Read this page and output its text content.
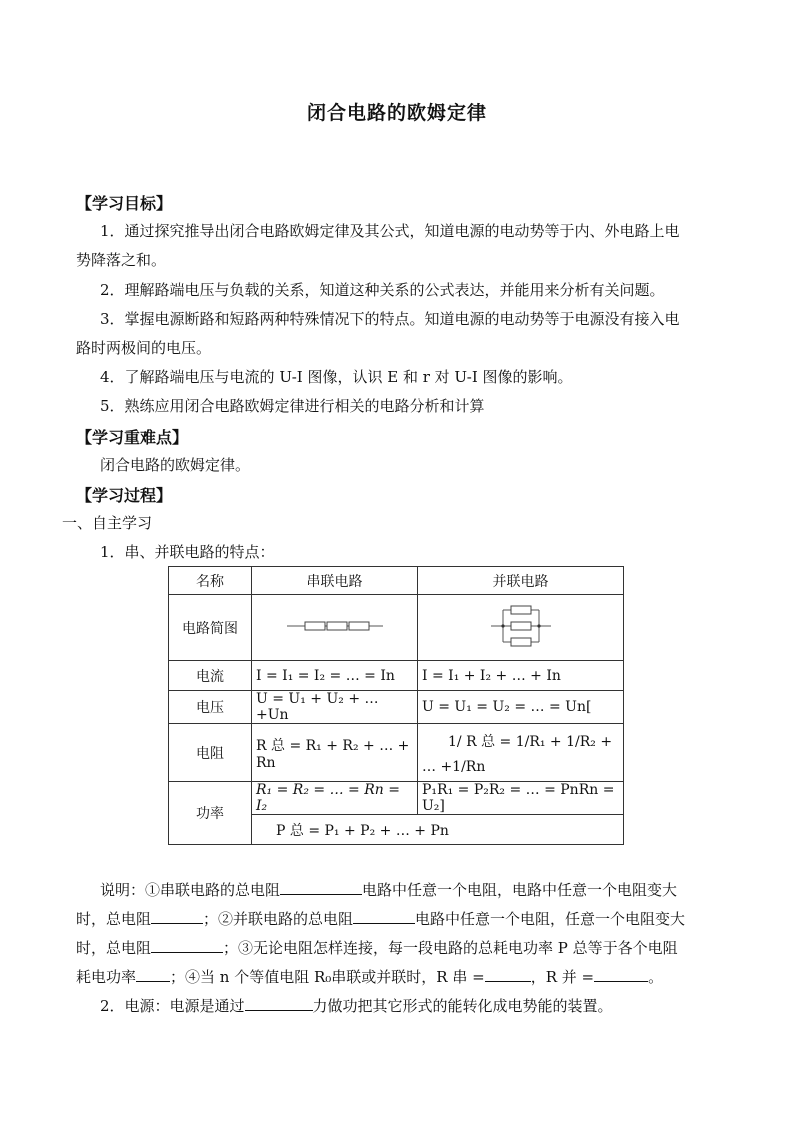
闭合电路的欧姆定律
【学习目标】
1．通过探究推导出闭合电路欧姆定律及其公式，知道电源的电动势等于内、外电路上电
势降落之和。
2．理解路端电压与负载的关系，知道这种关系的公式表达，并能用来分析有关问题。
3．掌握电源断路和短路两种特殊情况下的特点。知道电源的电动势等于电源没有接入电
路时两极间的电压。
4．了解路端电压与电流的 U-I 图像，认识 E 和 r 对 U-I 图像的影响。
5．熟练应用闭合电路欧姆定律进行相关的电路分析和计算
【学习重难点】
闭合电路的欧姆定律。
【学习过程】
一、自主学习
1．串、并联电路的特点：
名称	串联电路	并联电路
电路简图		
电流	I = I₁ = I₂ = … = In	I = I₁ + I₂ + … + In
电压	U = U₁ + U₂ + … +Un	U = U₁ = U₂ = … = Un[
电阻	R 总 = R₁ + R₂ + … + Rn	1/ R 总 = 1/R₁ + 1/R₂ +
… +1/Rn

功率	R₁ = R₂ = … = Rn = I₂	P₁R₁ = P₂R₂ = … = PnRn = U₂]
	P 总 = P₁ + P₂ + … + Pn	
说明：①串联电路的总电阻	电路中任意一个电阻，电路中任意一个电阻变大
时，总电阻	；②并联电路的总电阻	电路中任意一个电阻，任意一个电阻变大
时，总电阻	；③无论电阻怎样连接，每一段电路的总耗电功率 P 总等于各个电阻
耗电功率 ；④当 n 个等值电阻 R₀串联或并联时，R 串 =	，R 并 =	。
2．电源：电源是通过	力做功把其它形式的能转化成电势能的装置。
